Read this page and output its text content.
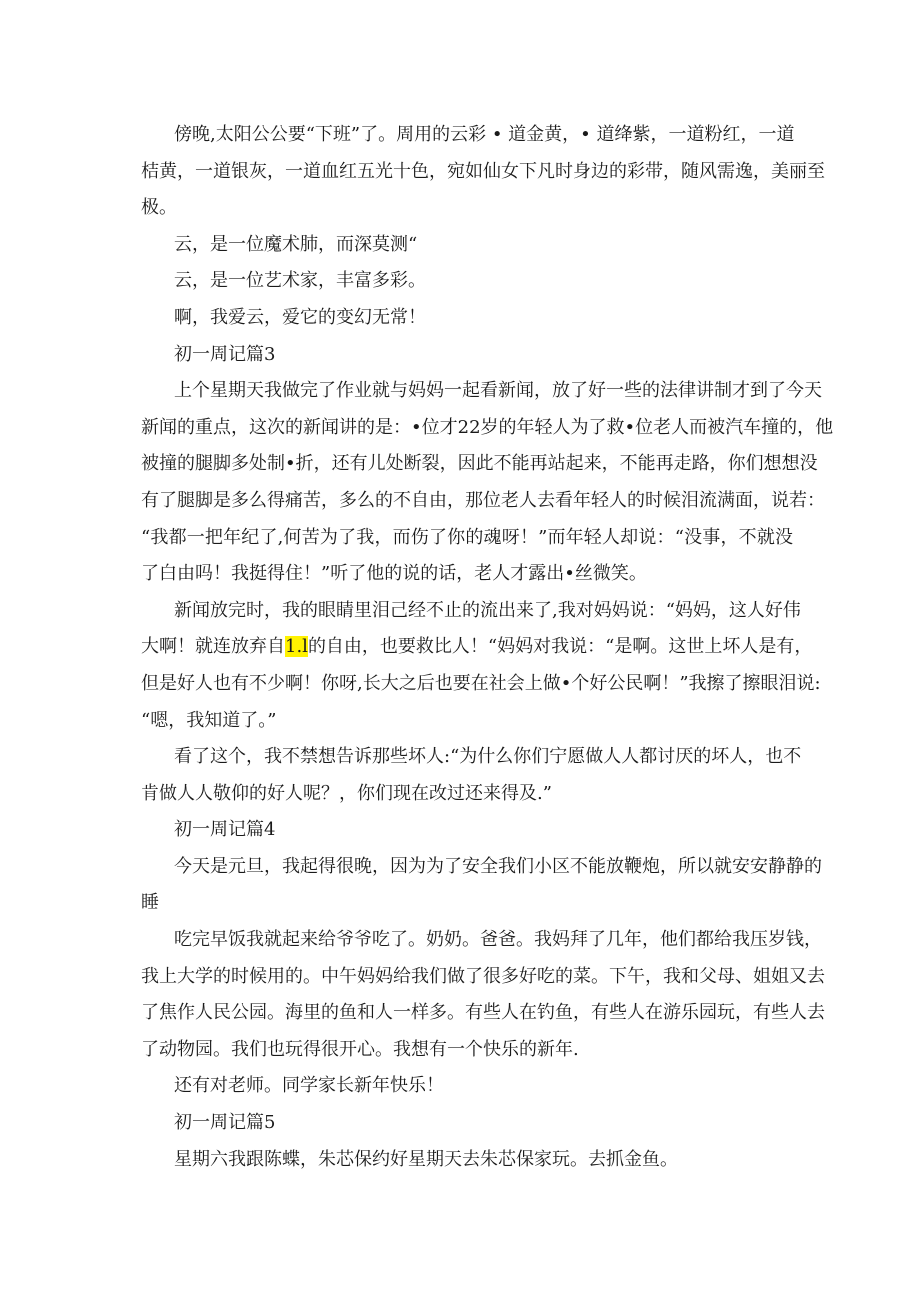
傍晚,太阳公公要“下班”了。周用的云彩 • 道金黄，• 道绛紫，一道粉红，一道
桔黄，一道银灰，一道血红五光十色，宛如仙女下凡时身边的彩带，随风需逸，美丽至
极。
云，是一位魔术肺，而深莫测“
云，是一位艺术家，丰富多彩。
啊，我爱云，爱它的变幻无常！
初一周记篇3
上个星期天我做完了作业就与妈妈一起看新闻，放了好一些的法律讲制才到了今天
新闻的重点，这次的新闻讲的是：•位才22岁的年轻人为了救•位老人而被汽车撞的，他
被撞的腿脚多处制•折，还有儿处断裂，因此不能再站起来，不能再走路，你们想想没
有了腿脚是多么得痛苦，多么的不自由，那位老人去看年轻人的时候泪流满面，说若：
“我都一把年纪了,何苦为了我，而伤了你的魂呀！”而年轻人却说：“没事，不就没
了白由吗！我挺得住！”听了他的说的话，老人才露出•丝微笑。
新闻放完时，我的眼睛里泪己经不止的流出来了,我对妈妈说：“妈妈，这人好伟
大啊！就连放弃自1.l的自由，也要救比人！“妈妈对我说：“是啊。这世上坏人是有，
但是好人也有不少啊！你呀,长大之后也要在社会上做•个好公民啊！”我擦了擦眼泪说:
“嗯，我知道了。”
看了这个，我不禁想告诉那些坏人:“为什么你们宁愿做人人都讨厌的坏人，也不
肯做人人敬仰的好人呢？，你们现在改过还来得及.”
初一周记篇4
今天是元旦，我起得很晚，因为为了安全我们小区不能放鞭炮，所以就安安静静的
睡
吃完早饭我就起来给爷爷吃了。奶奶。爸爸。我妈拜了几年，他们都给我压岁钱，
我上大学的时候用的。中午妈妈给我们做了很多好吃的菜。下午，我和父母、姐姐又去
了焦作人民公园。海里的鱼和人一样多。有些人在钓鱼，有些人在游乐园玩，有些人去
了动物园。我们也玩得很开心。我想有一个快乐的新年.
还有对老师。同学家长新年快乐！
初一周记篇5
星期六我跟陈蝶，朱芯保约好星期天去朱芯保家玩。去抓金鱼。
